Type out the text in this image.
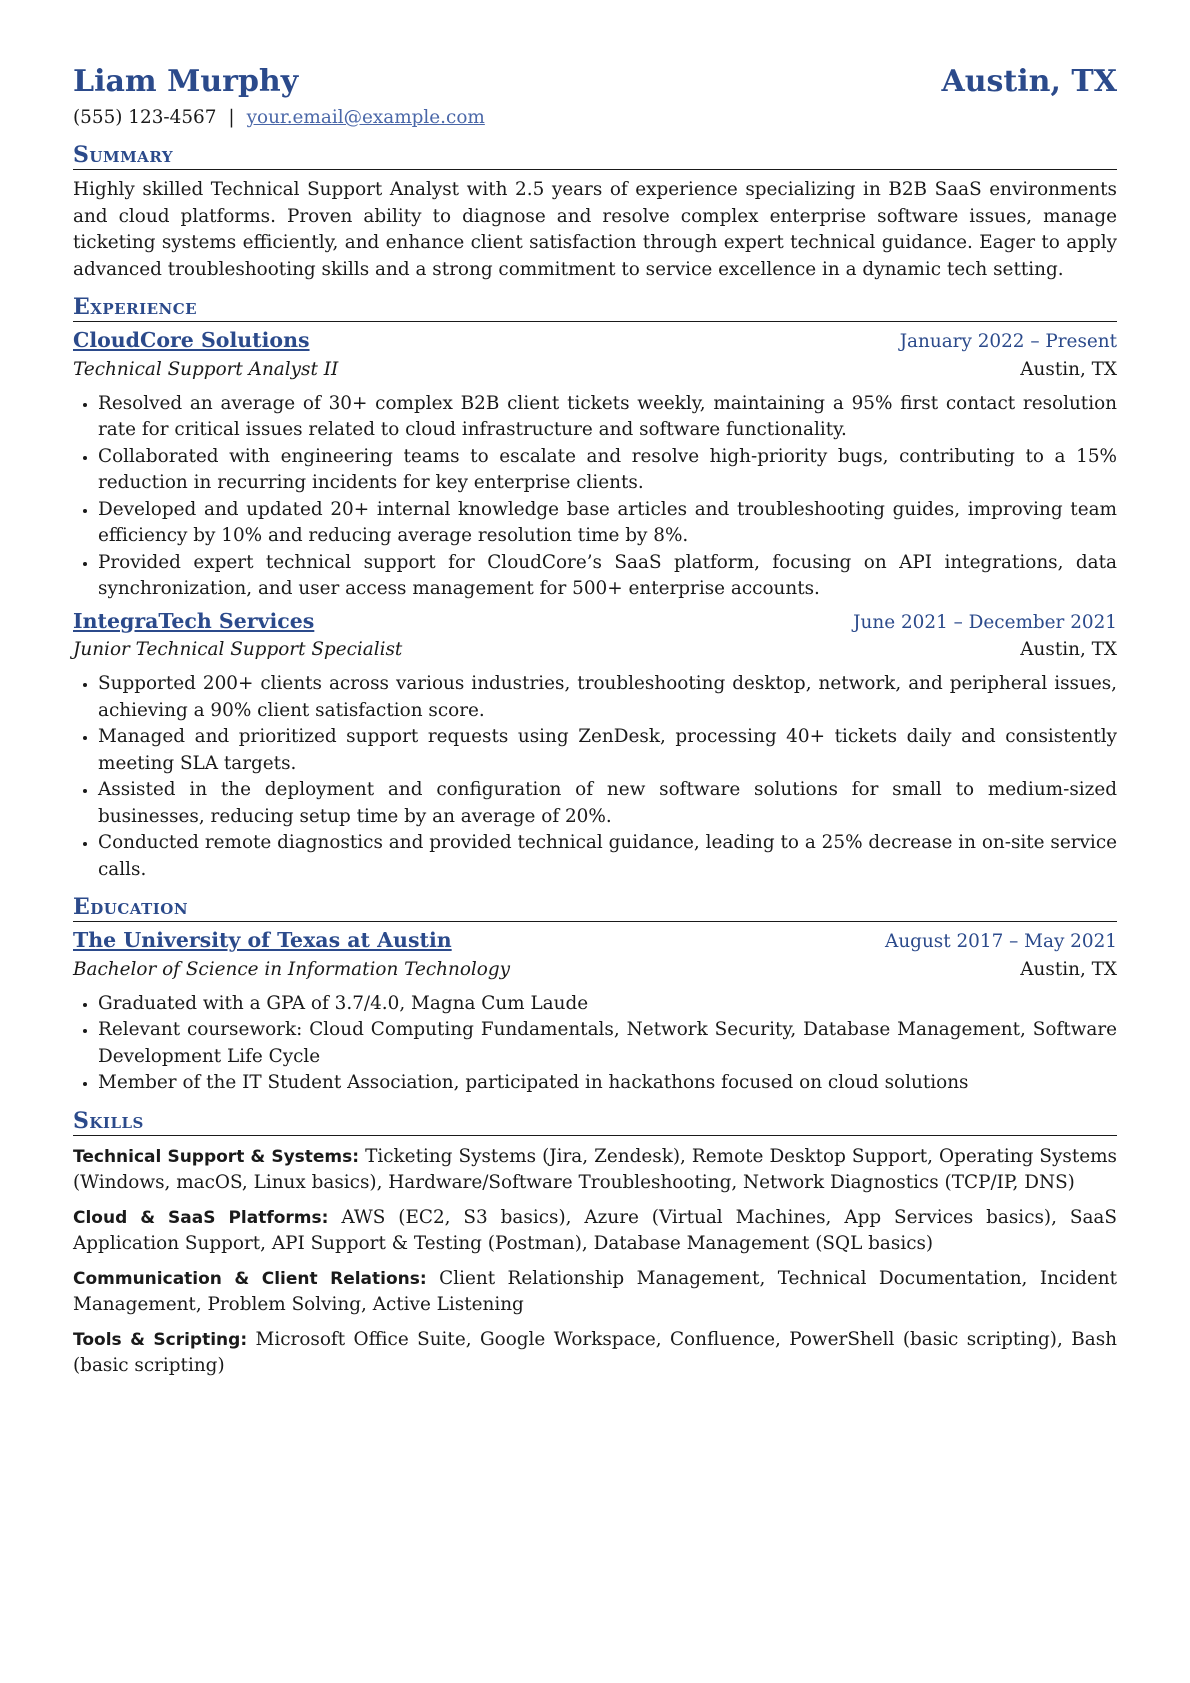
Liam Murphy	Austin, TX
(555) 123-4567 | your.email@example.com
Summary
Highly skilled Technical Support Analyst with 2.5 years of experience specializing in B2B SaaS environments and cloud platforms. Proven ability to diagnose and resolve complex enterprise software issues, manage ticketing systems efficiently, and enhance client satisfaction through expert technical guidance. Eager to apply advanced troubleshooting skills and a strong commitment to service excellence in a dynamic tech setting.
Experience
CloudCore Solutions	January 2022 – Present
Technical Support Analyst II	Austin, TX
• Resolved an average of 30+ complex B2B client tickets weekly, maintaining a 95% first contact resolution rate for critical issues related to cloud infrastructure and software functionality.
• Collaborated with engineering teams to escalate and resolve high-priority bugs, contributing to a 15% reduction in recurring incidents for key enterprise clients.
• Developed and updated 20+ internal knowledge base articles and troubleshooting guides, improving team efficiency by 10% and reducing average resolution time by 8%.
• Provided expert technical support for CloudCore’s SaaS platform, focusing on API integrations, data synchronization, and user access management for 500+ enterprise accounts.
IntegraTech Services	June 2021 – December 2021
Junior Technical Support Specialist	Austin, TX
• Supported 200+ clients across various industries, troubleshooting desktop, network, and peripheral issues, achieving a 90% client satisfaction score.
• Managed and prioritized support requests using ZenDesk, processing 40+ tickets daily and consistently meeting SLA targets.
• Assisted in the deployment and configuration of new software solutions for small to medium-sized businesses, reducing setup time by an average of 20%.
• Conducted remote diagnostics and provided technical guidance, leading to a 25% decrease in on-site service calls.
Education
The University of Texas at Austin	August 2017 – May 2021
Bachelor of Science in Information Technology	Austin, TX
• Graduated with a GPA of 3.7/4.0, Magna Cum Laude
• Relevant coursework: Cloud Computing Fundamentals, Network Security, Database Management, Software Development Life Cycle
• Member of the IT Student Association, participated in hackathons focused on cloud solutions
Skills
Technical Support & Systems: Ticketing Systems (Jira, Zendesk), Remote Desktop Support, Operating Systems (Windows, macOS, Linux basics), Hardware/Software Troubleshooting, Network Diagnostics (TCP/IP, DNS)
Cloud & SaaS Platforms: AWS (EC2, S3 basics), Azure (Virtual Machines, App Services basics), SaaS Application Support, API Support & Testing (Postman), Database Management (SQL basics)
Communication & Client Relations: Client Relationship Management, Technical Documentation, Incident Management, Problem Solving, Active Listening
Tools & Scripting: Microsoft Office Suite, Google Workspace, Confluence, PowerShell (basic scripting), Bash (basic scripting)
